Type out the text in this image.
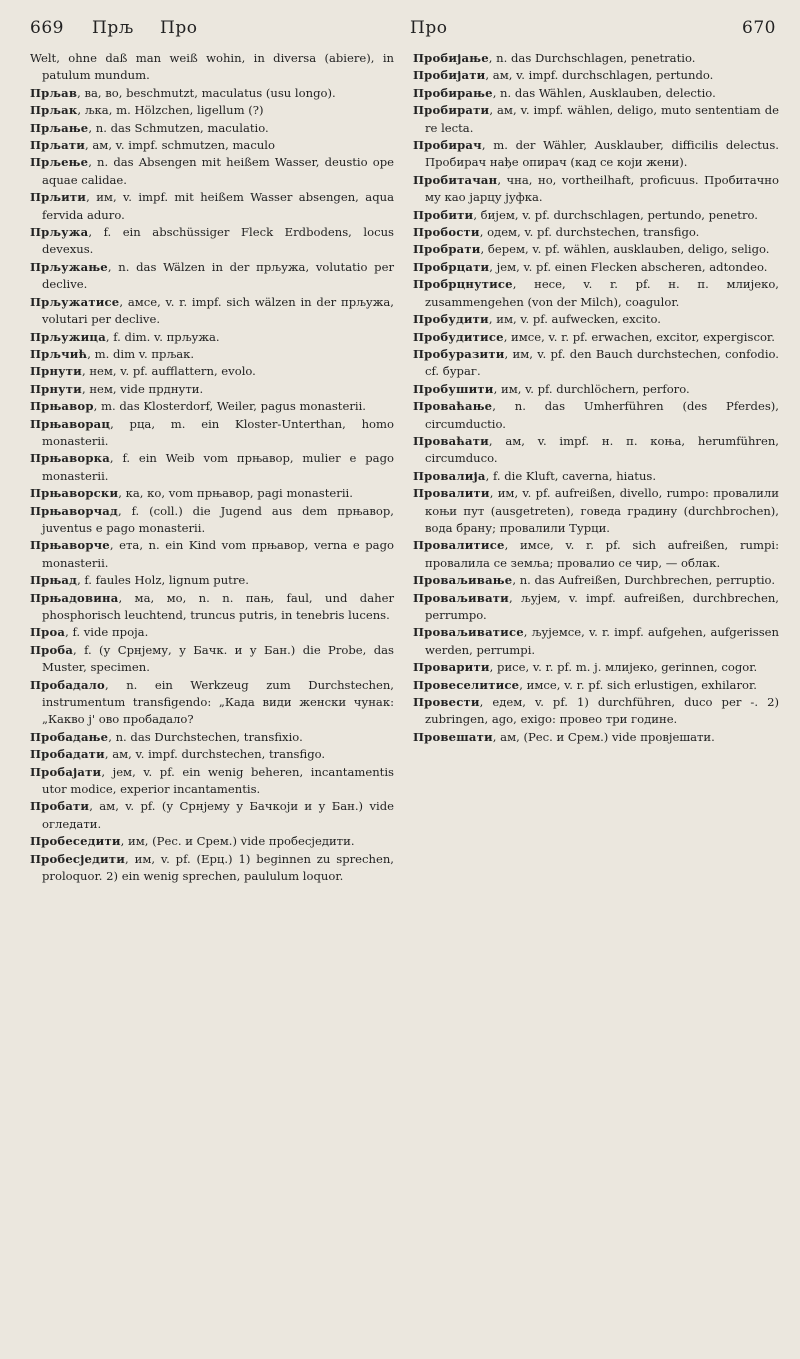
669 Прљ Про	Про	670
Welt, ohne daß man weiß wohin, in diversa (abiere), in patulum mundum.
Прљав, ва, во, beschmutzt, maculatus (usu longo).
Прљак, љка, m. Hölzchen, ligellum (?)
Прљање, n. das Schmutzen, maculatio.
Прљати, ам, v. impf. schmutzen, maculo
Прљење, n. das Absengen mit heißem Wasser, deustio ope aquae calidae.
Прљити, им, v. impf. mit heißem Wasser absengen, aqua fervida aduro.
Прљужа, f. ein abschüssiger Fleck Erdbodens, locus devexus.
Прљужање, n. das Wälzen in der прљужа, volutatio per declive.
Прљужатисе, амсе, v. r. impf. sich wälzen in der прљужа, volutari per declive.
Прљужица, f. dim. v. прљужа.
Прљчић, m. dim v. прљак.
Прнути, нем, v. pf. aufflattern, evolo.
Прнути, нем, vide прднути.
Прњавор, m. das Klosterdorf, Weiler, pagus monasterii.
Прњаворац, рца, m. ein Kloster-Unterthan, homo monasterii.
Прњаворка, f. ein Weib vom прњавор, mulier e pago monasterii.
Прњаворски, ка, ко, vom прњавор, pagi monasterii.
Прњаворчад, f. (coll.) die Jugend aus dem прњавор, juventus e pago monasterii.
Прњаворче, ета, n. ein Kind vom прњавор, verna e pago monasterii.
Прњад, f. faules Holz, lignum putre.
Прњадовина, ма, мо, n. n. пањ, faul, und daher phosphorisch leuchtend, truncus putris, in tenebris lucens.
Проа, f. vide проја.
Проба, f. (у Срнјему, у Бачк. и у Бан.) die Probe, das Muster, specimen.
Пробадало, n. ein Werkzeug zum Durchstechen, instrumentum transfigendo: „Када види женски чунак: „Какво ј' ово пробадало?
Пробадање, n. das Durchstechen, transfixio.
Пробадати, ам, v. impf. durchstechen, transfigo.
Пробајати, јем, v. pf. ein wenig beheren, incantamentis utor modice, experior incantamentis.
Пробати, ам, v. pf. (у Срнјему у Бачкоји и у Бан.) vide огледати.
Пробеседити, им, (Рес. и Срем.) vide пробесједити.
Пробесједити, им, v. pf. (Ерц.) 1) beginnen zu sprechen, proloquor. 2) ein wenig sprechen, paululum loquor.
Пробијање, n. das Durchschlagen, penetratio.
Пробијати, ам, v. impf. durchschlagen, pertundo.
Пробирање, n. das Wählen, Ausklauben, delectio.
Пробирати, ам, v. impf. wählen, deligo, muto sententiam de re lecta.
Пробирач, m. der Wähler, Ausklauber, difficilis delectus. Пробирач нађе опирач (кад се који жени).
Пробитачан, чна, но, vortheilhaft, proficuus. Пробитачно му као јарцу јуфка.
Пробити, бијем, v. pf. durchschlagen, pertundo, penetro.
Пробости, одем, v. pf. durchstechen, transfigo.
Пробрати, берем, v. pf. wählen, ausklauben, deligo, seligo.
Пробрцати, јем, v. pf. einen Flecken abscheren, adtondeo.
Пробрцнутисе, несе, v. r. pf. н. п. млијеко, zusammengehen (von der Milch), coagulor.
Пробудити, им, v. pf. aufwecken, excito.
Пробудитисе, имсе, v. r. pf. erwachen, excitor, expergiscor.
Пробуразити, им, v. pf. den Bauch durchstechen, confodio. cf. бураг.
Пробушити, им, v. pf. durchlöchern, perforo.
Проваћање, n. das Umherführen (des Pferdes), circumductio.
Проваћати, ам, v. impf. н. п. коња, herumführen, circumduco.
Провалија, f. die Kluft, caverna, hiatus.
Провалити, им, v. pf. aufreißen, divello, rumpo: провалили коњи пут (ausgetreten), говеда градину (durchbrochen), вода брану; провалили Турци.
Провалитисе, имсе, v. r. pf. sich aufreißen, rumpi: провалила се земља; провалио се чир, — облак.
Проваљивање, n. das Aufreißen, Durchbrechen, perruptio.
Проваљивати, љујем, v. impf. aufreißen, durchbrechen, perrumpo.
Проваљиватисе, љујемсе, v. r. impf. aufgehen, aufgerissen werden, perrumpi.
Проварити, рисе, v. r. pf. m. j. млијеко, gerinnen, cogor.
Провеселитисе, имсе, v. r. pf. sich erlustigen, exhilaror.
Провести, едем, v. pf. 1) durchführen, duco per -. 2) zubringen, ago, exigo: провео три године.
Провешати, ам, (Рес. и Срем.) vide провјешати.
